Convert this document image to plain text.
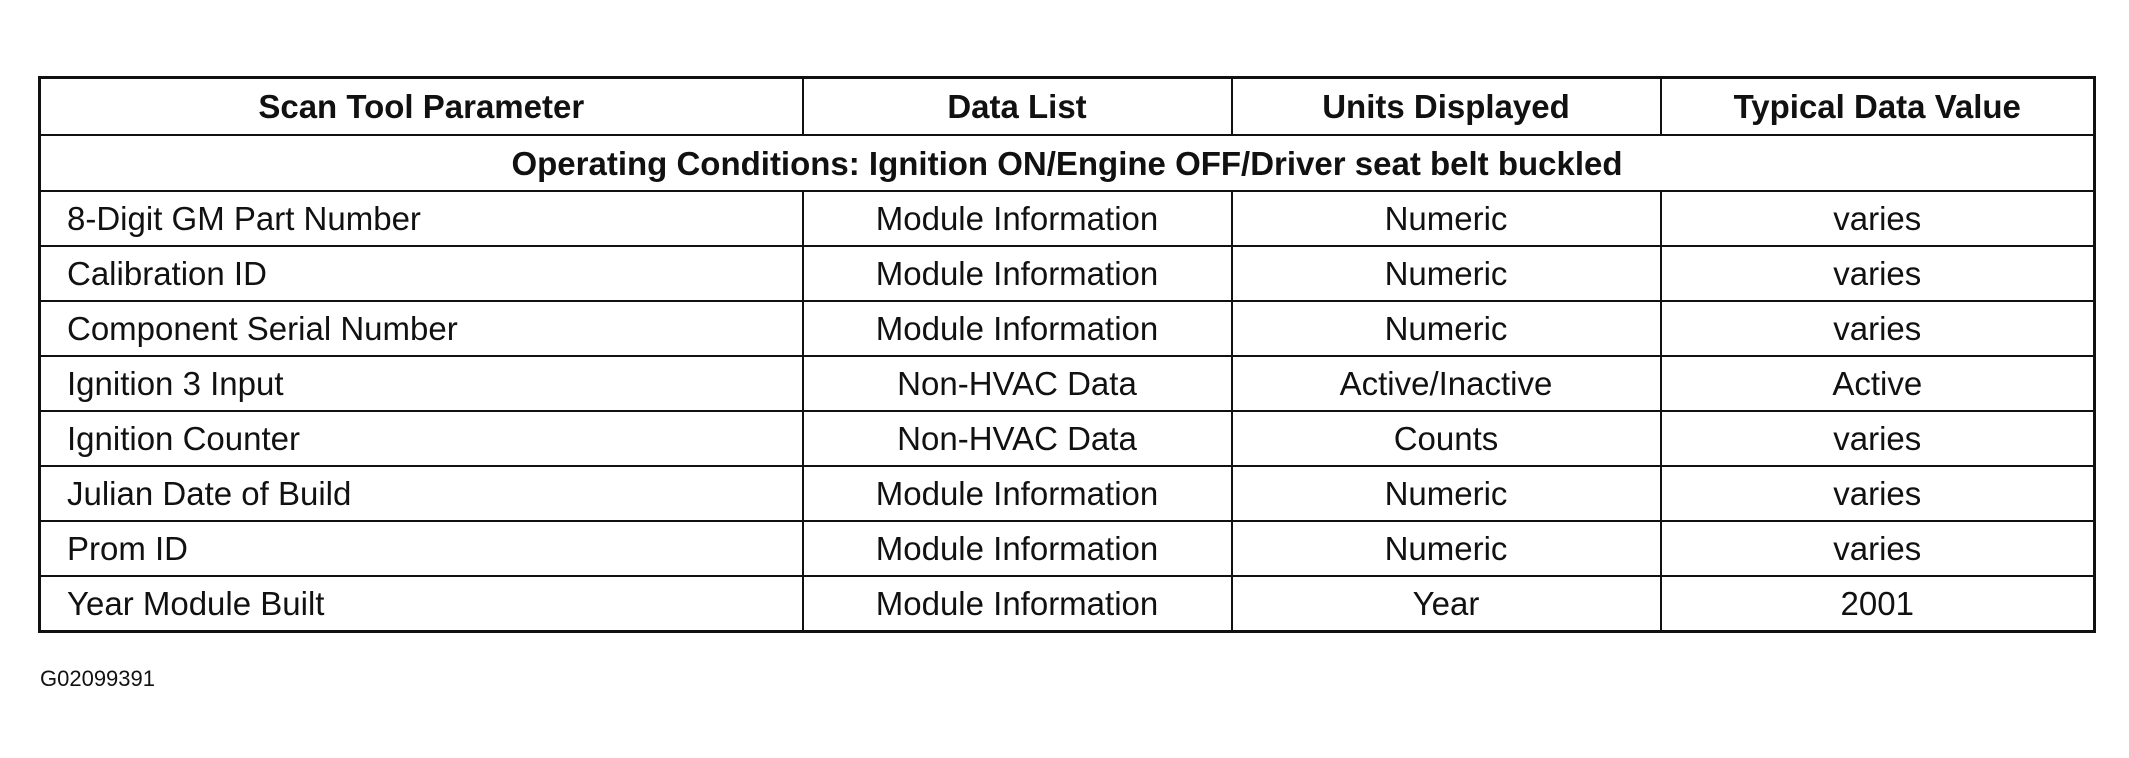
Scan Tool Parameter	Data List	Units Displayed	Typical Data Value
Operating Conditions: Ignition ON/Engine OFF/Driver seat belt buckled			
8-Digit GM Part Number	Module Information	Numeric	varies
Calibration ID	Module Information	Numeric	varies
Component Serial Number	Module Information	Numeric	varies
Ignition 3 Input	Non-HVAC Data	Active/Inactive	Active
Ignition Counter	Non-HVAC Data	Counts	varies
Julian Date of Build	Module Information	Numeric	varies
Prom ID	Module Information	Numeric	varies
Year Module Built	Module Information	Year	2001
G02099391
